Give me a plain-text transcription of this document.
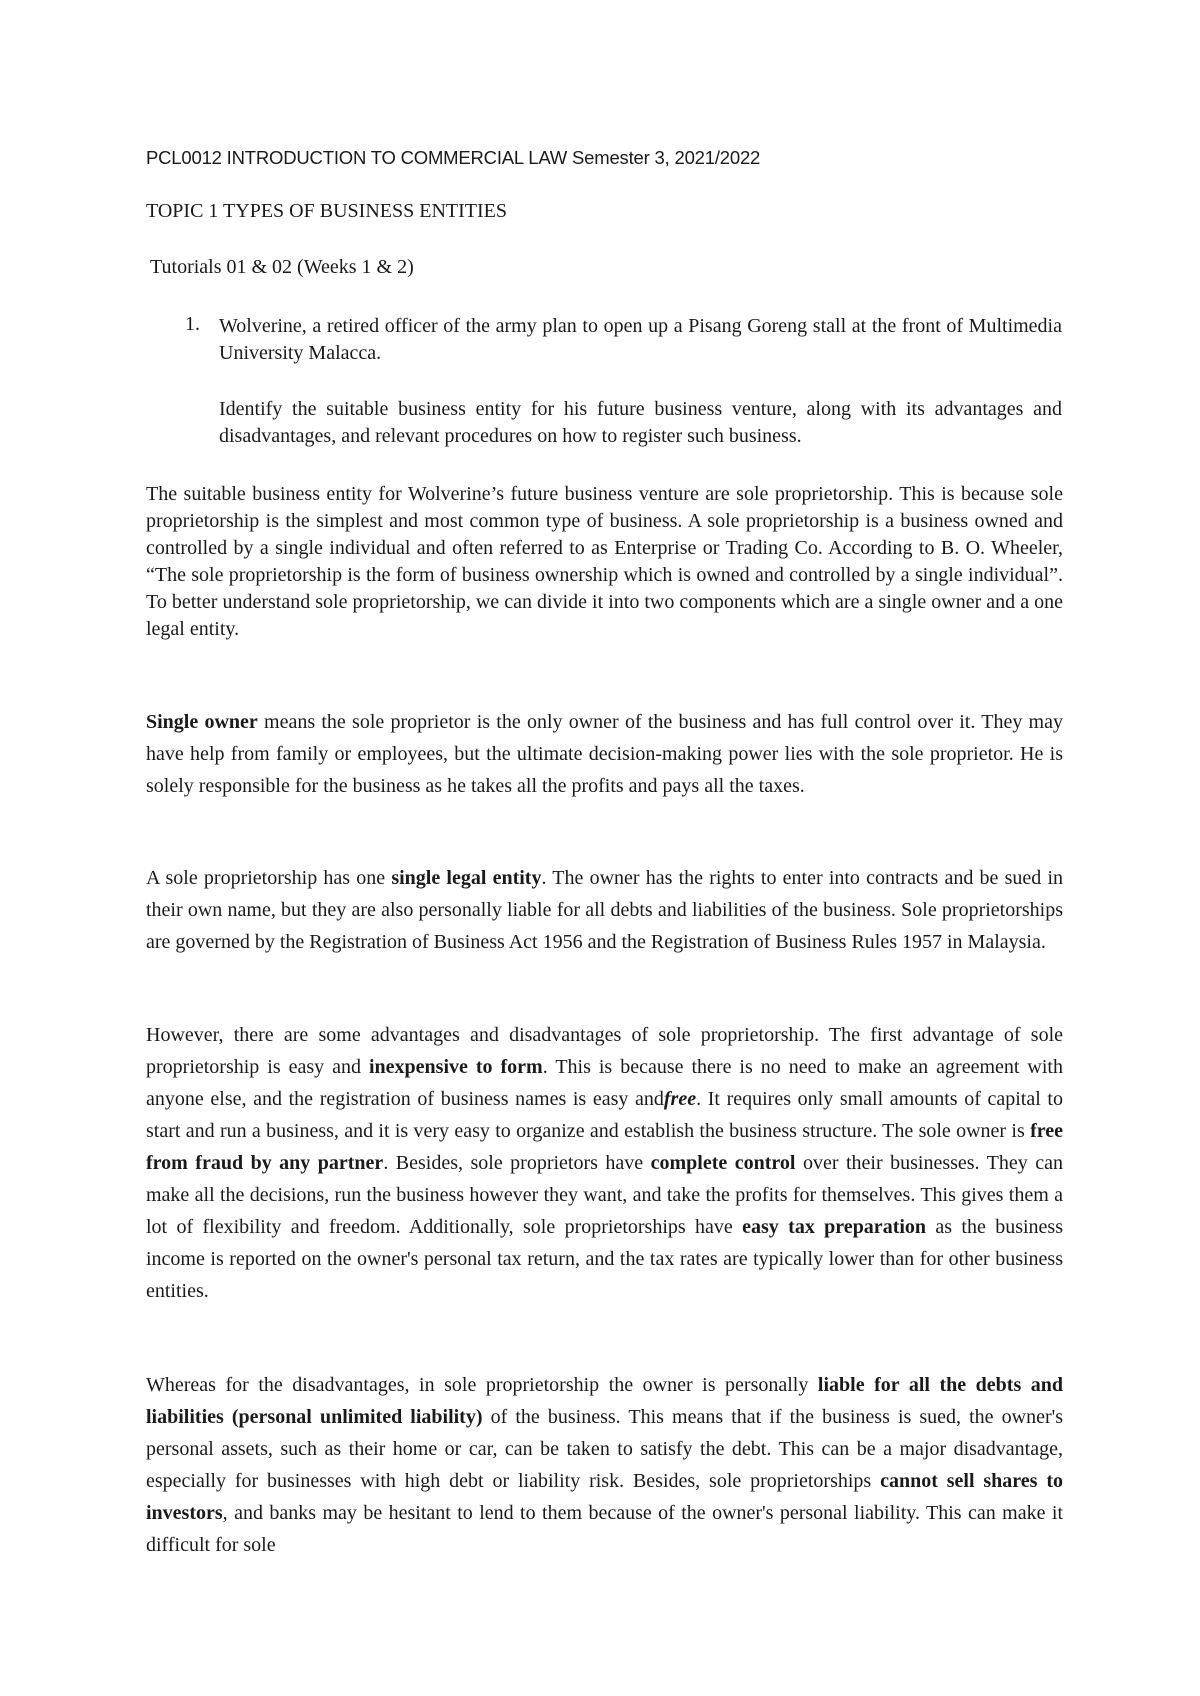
PCL0012 INTRODUCTION TO COMMERCIAL LAW Semester 3, 2021/2022
TOPIC 1 TYPES OF BUSINESS ENTITIES
Tutorials 01 & 02 (Weeks 1 & 2)
1. Wolverine, a retired officer of the army plan to open up a Pisang Goreng stall at the front of Multimedia University Malacca.
Identify the suitable business entity for his future business venture, along with its advantages and disadvantages, and relevant procedures on how to register such business.
The suitable business entity for Wolverine’s future business venture are sole proprietorship. This is because sole proprietorship is the simplest and most common type of business. A sole proprietorship is a business owned and controlled by a single individual and often referred to as Enterprise or Trading Co. According to B. O. Wheeler, “The sole proprietorship is the form of business ownership which is owned and controlled by a single individual”. To better understand sole proprietorship, we can divide it into two components which are a single owner and a one legal entity.
Single owner means the sole proprietor is the only owner of the business and has full control over it. They may have help from family or employees, but the ultimate decision-making power lies with the sole proprietor. He is solely responsible for the business as he takes all the profits and pays all the taxes.
A sole proprietorship has one single legal entity. The owner has the rights to enter into contracts and be sued in their own name, but they are also personally liable for all debts and liabilities of the business. Sole proprietorships are governed by the Registration of Business Act 1956 and the Registration of Business Rules 1957 in Malaysia.
However, there are some advantages and disadvantages of sole proprietorship. The first advantage of sole proprietorship is easy and inexpensive to form. This is because there is no need to make an agreement with anyone else, and the registration of business names is easy andfree. It requires only small amounts of capital to start and run a business, and it is very easy to organize and establish the business structure. The sole owner is free from fraud by any partner. Besides, sole proprietors have complete control over their businesses. They can make all the decisions, run the business however they want, and take the profits for themselves. This gives them a lot of flexibility and freedom. Additionally, sole proprietorships have easy tax preparation as the business income is reported on the owner's personal tax return, and the tax rates are typically lower than for other business entities.
Whereas for the disadvantages, in sole proprietorship the owner is personally liable for all the debts and liabilities (personal unlimited liability) of the business. This means that if the business is sued, the owner's personal assets, such as their home or car, can be taken to satisfy the debt. This can be a major disadvantage, especially for businesses with high debt or liability risk. Besides, sole proprietorships cannot sell shares to investors, and banks may be hesitant to lend to them because of the owner's personal liability. This can make it difficult for sole
